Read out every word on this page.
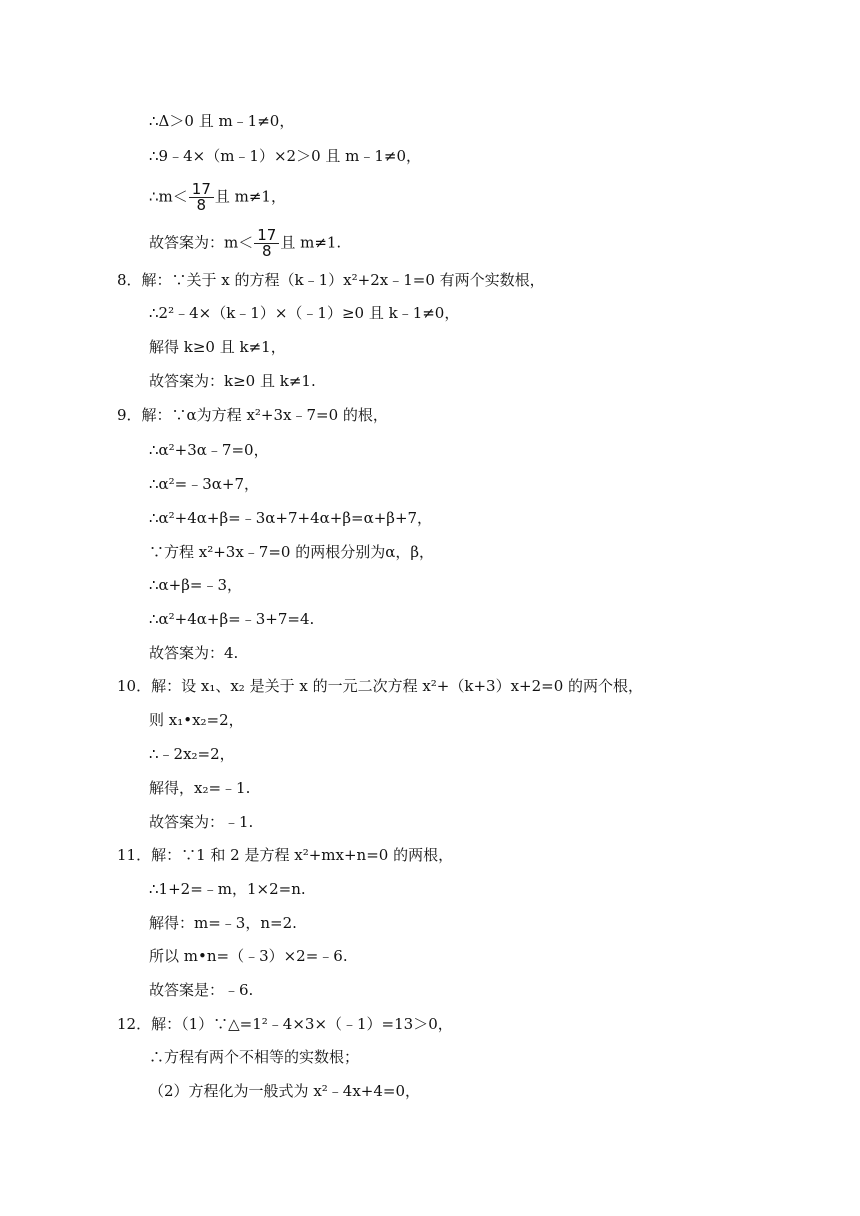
∴Δ＞0 且 m﹣1≠0，
∴9﹣4×（m﹣1）×2＞0 且 m﹣1≠0，
∴m＜ $\frac{17}{8}$ 且 m≠1，
故答案为：$m< \frac{17}{8}$ 且 m≠1.
8．解：∵关于 x 的方程（k﹣1）x²+2x﹣1=0 有两个实数根，
∴2²﹣4×（k﹣1）×（﹣1）≥0 且 k﹣1≠0，
解得 k≥0 且 k≠1，
故答案为：k≥0 且 k≠1.
9．解：∵α为方程 x²+3x﹣7=0 的根，
∴α²+3α﹣7=0，
∴α²=﹣3α+7，
∴α²+4α+β=﹣3α+7+4α+β=α+β+7，
∵方程 x²+3x﹣7=0 的两根分别为α，β，
∴α+β=﹣3，
∴α²+4α+β=﹣3+7=4.
故答案为：4.
10．解：设 x₁、x₂ 是关于 x 的一元二次方程 x²+（k+3）x+2=0 的两个根，
则 x₁•x₂=2，
∴﹣2x₂=2，
解得，x₂=﹣1.
故答案为：﹣1.
11．解：∵1 和 2 是方程 x²+mx+n=0 的两根，
∴1+2=﹣m，1×2=n.
解得：m=﹣3，n=2.
所以 m•n=（﹣3）×2=﹣6.
故答案是：﹣6.
12．解：（1）∵△=1²﹣4×3×（﹣1）=13＞0，
∴方程有两个不相等的实数根；
（2）方程化为一般式为 x²﹣4x+4=0，
